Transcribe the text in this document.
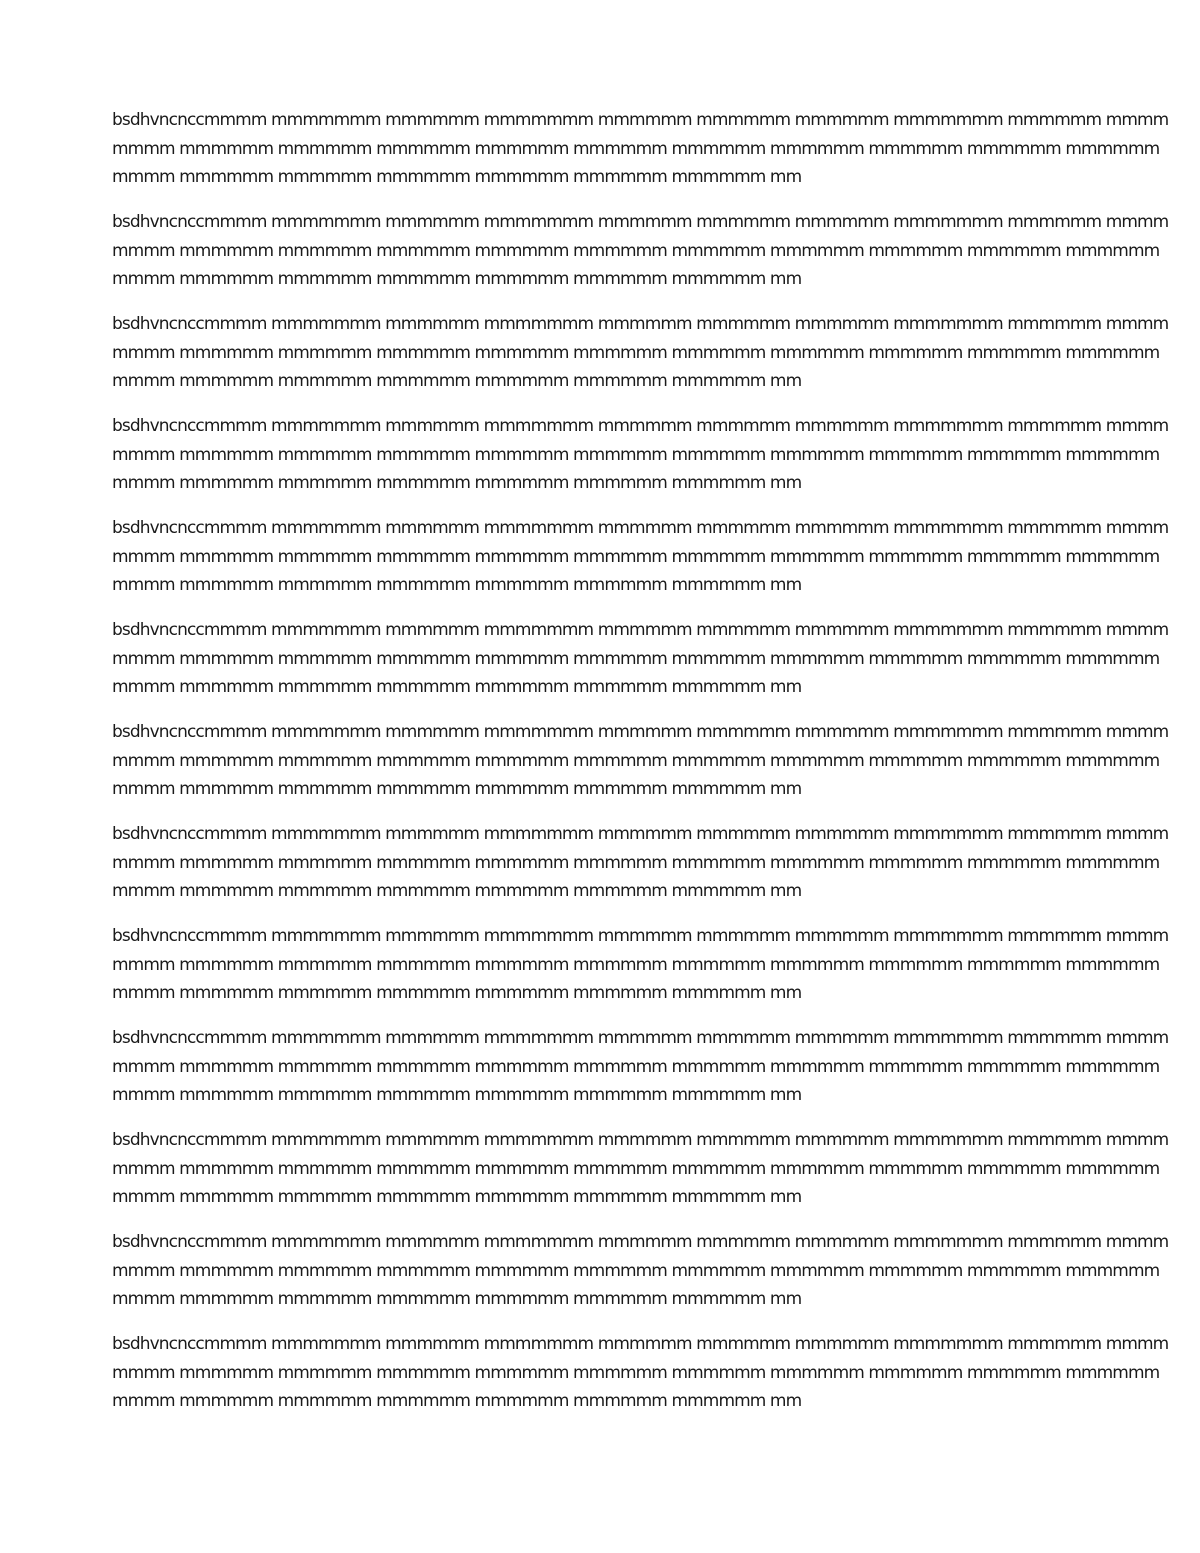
bsdhvncnccmmmm mmmmmmm mmmmmm mmmmmmm mmmmmm mmmmmm mmmmmm mmmmmmm mmmmmm mmmm
mmmm mmmmmm mmmmmm mmmmmm mmmmmm mmmmmm mmmmmm mmmmmm mmmmmm mmmmmm mmmmmm
mmmm mmmmmm mmmmmm mmmmmm mmmmmm mmmmmm mmmmmm mm

bsdhvncnccmmmm mmmmmmm mmmmmm mmmmmmm mmmmmm mmmmmm mmmmmm mmmmmmm mmmmmm mmmm
mmmm mmmmmm mmmmmm mmmmmm mmmmmm mmmmmm mmmmmm mmmmmm mmmmmm mmmmmm mmmmmm
mmmm mmmmmm mmmmmm mmmmmm mmmmmm mmmmmm mmmmmm mm

bsdhvncnccmmmm mmmmmmm mmmmmm mmmmmmm mmmmmm mmmmmm mmmmmm mmmmmmm mmmmmm mmmm
mmmm mmmmmm mmmmmm mmmmmm mmmmmm mmmmmm mmmmmm mmmmmm mmmmmm mmmmmm mmmmmm
mmmm mmmmmm mmmmmm mmmmmm mmmmmm mmmmmm mmmmmm mm

bsdhvncnccmmmm mmmmmmm mmmmmm mmmmmmm mmmmmm mmmmmm mmmmmm mmmmmmm mmmmmm mmmm
mmmm mmmmmm mmmmmm mmmmmm mmmmmm mmmmmm mmmmmm mmmmmm mmmmmm mmmmmm mmmmmm
mmmm mmmmmm mmmmmm mmmmmm mmmmmm mmmmmm mmmmmm mm

bsdhvncnccmmmm mmmmmmm mmmmmm mmmmmmm mmmmmm mmmmmm mmmmmm mmmmmmm mmmmmm mmmm
mmmm mmmmmm mmmmmm mmmmmm mmmmmm mmmmmm mmmmmm mmmmmm mmmmmm mmmmmm mmmmmm
mmmm mmmmmm mmmmmm mmmmmm mmmmmm mmmmmm mmmmmm mm

bsdhvncnccmmmm mmmmmmm mmmmmm mmmmmmm mmmmmm mmmmmm mmmmmm mmmmmmm mmmmmm mmmm
mmmm mmmmmm mmmmmm mmmmmm mmmmmm mmmmmm mmmmmm mmmmmm mmmmmm mmmmmm mmmmmm
mmmm mmmmmm mmmmmm mmmmmm mmmmmm mmmmmm mmmmmm mm

bsdhvncnccmmmm mmmmmmm mmmmmm mmmmmmm mmmmmm mmmmmm mmmmmm mmmmmmm mmmmmm mmmm
mmmm mmmmmm mmmmmm mmmmmm mmmmmm mmmmmm mmmmmm mmmmmm mmmmmm mmmmmm mmmmmm
mmmm mmmmmm mmmmmm mmmmmm mmmmmm mmmmmm mmmmmm mm

bsdhvncnccmmmm mmmmmmm mmmmmm mmmmmmm mmmmmm mmmmmm mmmmmm mmmmmmm mmmmmm mmmm
mmmm mmmmmm mmmmmm mmmmmm mmmmmm mmmmmm mmmmmm mmmmmm mmmmmm mmmmmm mmmmmm
mmmm mmmmmm mmmmmm mmmmmm mmmmmm mmmmmm mmmmmm mm

bsdhvncnccmmmm mmmmmmm mmmmmm mmmmmmm mmmmmm mmmmmm mmmmmm mmmmmmm mmmmmm mmmm
mmmm mmmmmm mmmmmm mmmmmm mmmmmm mmmmmm mmmmmm mmmmmm mmmmmm mmmmmm mmmmmm
mmmm mmmmmm mmmmmm mmmmmm mmmmmm mmmmmm mmmmmm mm

bsdhvncnccmmmm mmmmmmm mmmmmm mmmmmmm mmmmmm mmmmmm mmmmmm mmmmmmm mmmmmm mmmm
mmmm mmmmmm mmmmmm mmmmmm mmmmmm mmmmmm mmmmmm mmmmmm mmmmmm mmmmmm mmmmmm
mmmm mmmmmm mmmmmm mmmmmm mmmmmm mmmmmm mmmmmm mm

bsdhvncnccmmmm mmmmmmm mmmmmm mmmmmmm mmmmmm mmmmmm mmmmmm mmmmmmm mmmmmm mmmm
mmmm mmmmmm mmmmmm mmmmmm mmmmmm mmmmmm mmmmmm mmmmmm mmmmmm mmmmmm mmmmmm
mmmm mmmmmm mmmmmm mmmmmm mmmmmm mmmmmm mmmmmm mm

bsdhvncnccmmmm mmmmmmm mmmmmm mmmmmmm mmmmmm mmmmmm mmmmmm mmmmmmm mmmmmm mmmm
mmmm mmmmmm mmmmmm mmmmmm mmmmmm mmmmmm mmmmmm mmmmmm mmmmmm mmmmmm mmmmmm
mmmm mmmmmm mmmmmm mmmmmm mmmmmm mmmmmm mmmmmm mm

bsdhvncnccmmmm mmmmmmm mmmmmm mmmmmmm mmmmmm mmmmmm mmmmmm mmmmmmm mmmmmm mmmm
mmmm mmmmmm mmmmmm mmmmmm mmmmmm mmmmmm mmmmmm mmmmmm mmmmmm mmmmmm mmmmmm
mmmm mmmmmm mmmmmm mmmmmm mmmmmm mmmmmm mmmmmm mm
